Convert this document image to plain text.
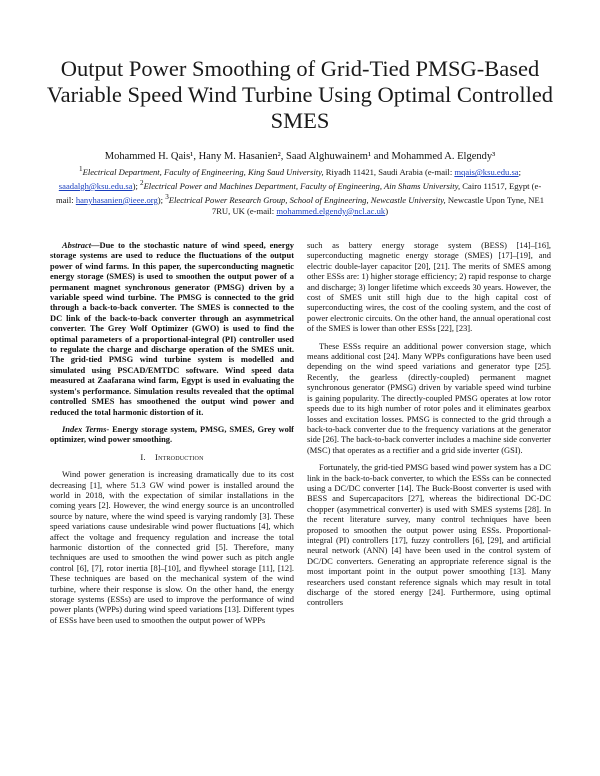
Output Power Smoothing of Grid-Tied PMSG-Based Variable Speed Wind Turbine Using Optimal Controlled SMES
Mohammed H. Qais¹, Hany M. Hasanien², Saad Alghuwainem¹ and Mohammed A. Elgendy³
$^1$Electrical Department, Faculty of Engineering, King Saud University, Riyadh 11421, Saudi Arabia (e-mail: mqais@ksu.edu.sa; saadalgh@ksu.edu.sa); $^2$Electrical Power and Machines Department, Faculty of Engineering, Ain Shams University, Cairo 11517, Egypt (e-mail: hanyhasanien@ieee.org); $^3$Electrical Power Research Group, School of Engineering, Newcastle University, Newcastle Upon Tyne, NE1 7RU, UK (e-mail: mohammed.elgendy@ncl.ac.uk)

Abstract—Due to the stochastic nature of wind speed, energy storage systems are used to reduce the fluctuations of the output power of wind farms. In this paper, the superconducting magnetic energy storage (SMES) is used to smoothen the output power of a permanent magnet synchronous generator (PMSG) driven by a variable speed wind turbine. The PMSG is connected to the grid through a back-to-back converter. The SMES is connected to the DC link of the back-to-back converter through an asymmetrical converter. The Grey Wolf Optimizer (GWO) is used to find the optimal parameters of a proportional-integral (PI) controller used to regulate the charge and discharge operation of the SMES unit. The grid-tied PMSG wind turbine system is modelled and simulated using PSCAD/EMTDC software. Wind speed data measured at Zaafarana wind farm, Egypt is used in evaluating the system's performance. Simulation results revealed that the optimal controlled SMES has smoothened the output wind power and reduced the total harmonic distortion of it.

Index Terms- Energy storage system, PMSG, SMES, Grey wolf optimizer, wind power smoothing.

I. Introduction

Wind power generation is increasing dramatically due to its cost decreasing [1], where 51.3 GW wind power is installed around the world in 2018, with the expectation of similar installations in the coming years [2]. However, the wind energy source is an uncontrolled source by nature, where the wind speed is varying randomly [3]. These speed variations cause undesirable wind power fluctuations [4], which affect the voltage and frequency regulation and increase the total harmonic distortion of the connected grid [5]. Therefore, many techniques are used to smoothen the wind power such as pitch angle control [6], [7], rotor inertia [8]–[10], and flywheel storage [11], [12]. These techniques are based on the mechanical system of the wind turbine, where their response is slow. On the other hand, the energy storage systems (ESSs) are used to improve the performance of wind power plants (WPPs) during wind speed variations [13]. Different types of ESSs have been used to smoothen the output power of WPPs

such as battery energy storage system (BESS) [14]–[16], superconducting magnetic energy storage (SMES) [17]–[19], and electric double-layer capacitor [20], [21]. The merits of SMES among other ESSs are: 1) higher storage efficiency; 2) rapid response to charge and discharge; 3) longer lifetime which exceeds 30 years. However, the cost of SMES unit still high due to the high capital cost of superconducting wires, the cost of the cooling system, and the cost of power electronic circuits. On the other hand, the annual operational cost of the SMES is lower than other ESSs [22], [23].

These ESSs require an additional power conversion stage, which means additional cost [24]. Many WPPs configurations have been used depending on the wind speed variations and generator type [25]. Recently, the gearless (directly-coupled) permanent magnet synchronous generator (PMSG) driven by variable speed wind turbine is gaining popularity. The directly-coupled PMSG operates at low rotor speeds due to its high number of rotor poles and it eliminates gearbox losses and excitation losses. PMSG is connected to the grid through a back-to-back converter due to the frequency variations at the generator side [26]. The back-to-back converter includes a machine side converter (MSC) that operates as a rectifier and a grid side inverter (GSI).

Fortunately, the grid-tied PMSG based wind power system has a DC link in the back-to-back converter, to which the ESSs can be connected using a DC/DC converter [14]. The Buck-Boost converter is used with BESS and Supercapacitors [27], whereas the bidirectional DC-DC chopper (asymmetrical converter) is used with SMES systems [28]. In the recent literature survey, many control techniques have been proposed to smoothen the output power using ESSs. Proportional-integral (PI) controllers [17], fuzzy controllers [6], [29], and artificial neural network (ANN) [4] have been used in the control system of DC/DC converters. Generating an appropriate reference signal is the most important point in the output power smoothing [13]. Many researchers used constant reference signals which may result in total discharge of the stored energy [24]. Furthermore, using optimal controllers
